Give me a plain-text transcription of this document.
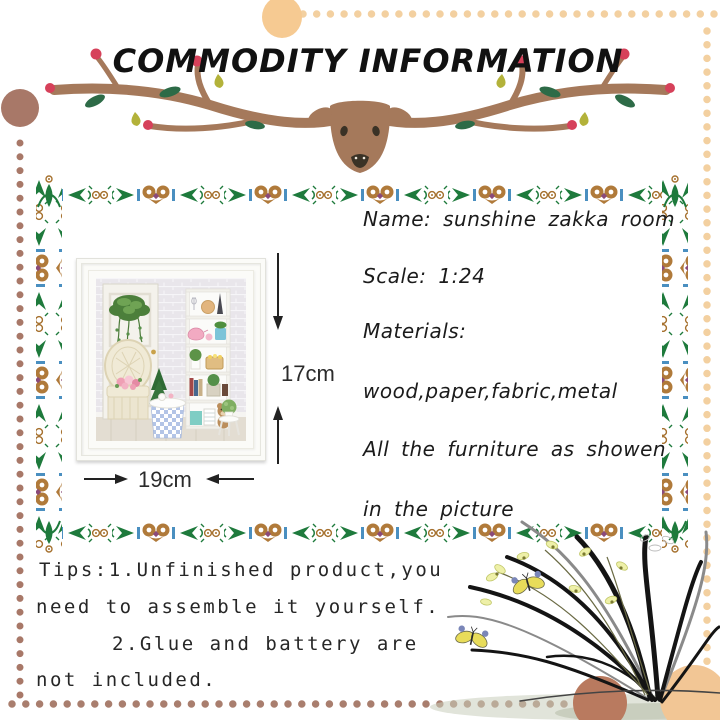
COMMODITY INFORMATION
Name: sunshine zakka room
Scale: 1:24
Materials:
wood,paper,fabric,metal
All the furniture as showen
in the picture
17cm
19cm
Tips:1.Unfinished product,you
need to assemble it yourself.
2.Glue and battery are
not included.
